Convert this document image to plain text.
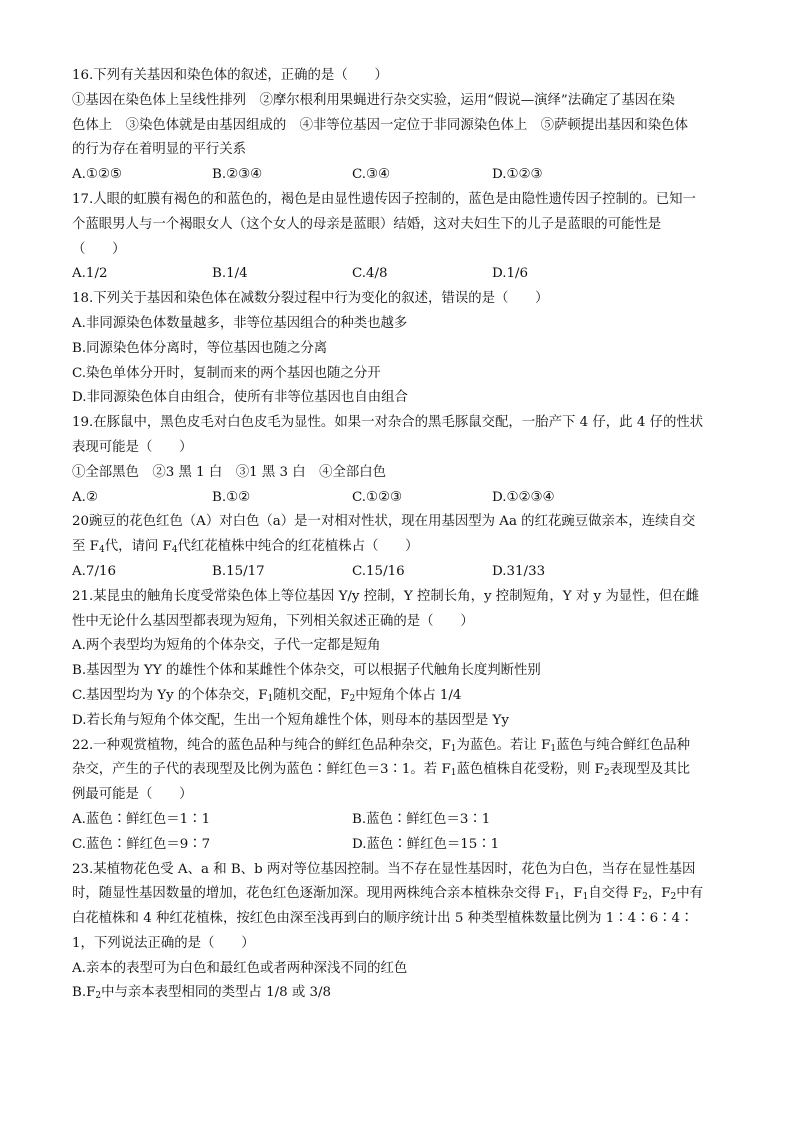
16.下列有关基因和染色体的叙述，正确的是（　　）
①基因在染色体上呈线性排列　②摩尔根利用果蝇进行杂交实验，运用“假说—演绎”法确定了基因在染
色体上　③染色体就是由基因组成的　④非等位基因一定位于非同源染色体上　⑤萨顿提出基因和染色体
的行为存在着明显的平行关系
A.①②⑤	B.②③④	C.③④	D.①②③
17.人眼的虹膜有褐色的和蓝色的，褐色是由显性遗传因子控制的，蓝色是由隐性遗传因子控制的。已知一
个蓝眼男人与一个褐眼女人（这个女人的母亲是蓝眼）结婚，这对夫妇生下的儿子是蓝眼的可能性是
（　　）
A.1/2	B.1/4	C.4/8	D.1/6
18.下列关于基因和染色体在减数分裂过程中行为变化的叙述，错误的是（　　）
A.非同源染色体数量越多，非等位基因组合的种类也越多
B.同源染色体分离时，等位基因也随之分离
C.染色单体分开时，复制而来的两个基因也随之分开
D.非同源染色体自由组合，使所有非等位基因也自由组合
19.在豚鼠中，黑色皮毛对白色皮毛为显性。如果一对杂合的黑毛豚鼠交配，一胎产下 4 仔，此 4 仔的性状
表现可能是（　　）
①全部黑色　②3 黑 1 白　③1 黑 3 白　④全部白色
A.②	B.①②	C.①②③	D.①②③④
20豌豆的花色红色（A）对白色（a）是一对相对性状，现在用基因型为 Aa 的红花豌豆做亲本，连续自交
至 $F_4$代，请问 $F_4$代红花植株中纯合的红花植株占（　　）
A.7/16	B.15/17	C.15/16	D.31/33
21.某昆虫的触角长度受常染色体上等位基因 Y/y 控制，Y 控制长角，y 控制短角，Y 对 y 为显性，但在雌
性中无论什么基因型都表现为短角，下列相关叙述正确的是（　　）
A.两个表型均为短角的个体杂交，子代一定都是短角
B.基因型为 YY 的雄性个体和某雌性个体杂交，可以根据子代触角长度判断性别
C.基因型均为 Yy 的个体杂交，$F_1$随机交配，$F_2$中短角个体占 1/4
D.若长角与短角个体交配，生出一个短角雄性个体，则母本的基因型是 Yy
22.一种观赏植物，纯合的蓝色品种与纯合的鲜红色品种杂交，$F_1$为蓝色。若让 $F_1$蓝色与纯合鲜红色品种
杂交，产生的子代的表现型及比例为蓝色∶鲜红色＝3∶1。若 $F_1$蓝色植株自花受粉，则 $F_2$表现型及其比
例最可能是（　　）
A.蓝色∶鲜红色＝1∶1	B.蓝色∶鲜红色＝3∶1
C.蓝色∶鲜红色＝9∶7	D.蓝色∶鲜红色＝15∶1
23.某植物花色受 A、a 和 B、b 两对等位基因控制。当不存在显性基因时，花色为白色，当存在显性基因
时，随显性基因数量的增加，花色红色逐渐加深。现用两株纯合亲本植株杂交得 $F_1$，$F_1$自交得 $F_2$，$F_2$中有
白花植株和 4 种红花植株，按红色由深至浅再到白的顺序统计出 5 种类型植株数量比例为 1∶4∶6∶4∶
1，下列说法正确的是（　　）
A.亲本的表型可为白色和最红色或者两种深浅不同的红色
$B.F_2$中与亲本表型相同的类型占 1/8 或 3/8
